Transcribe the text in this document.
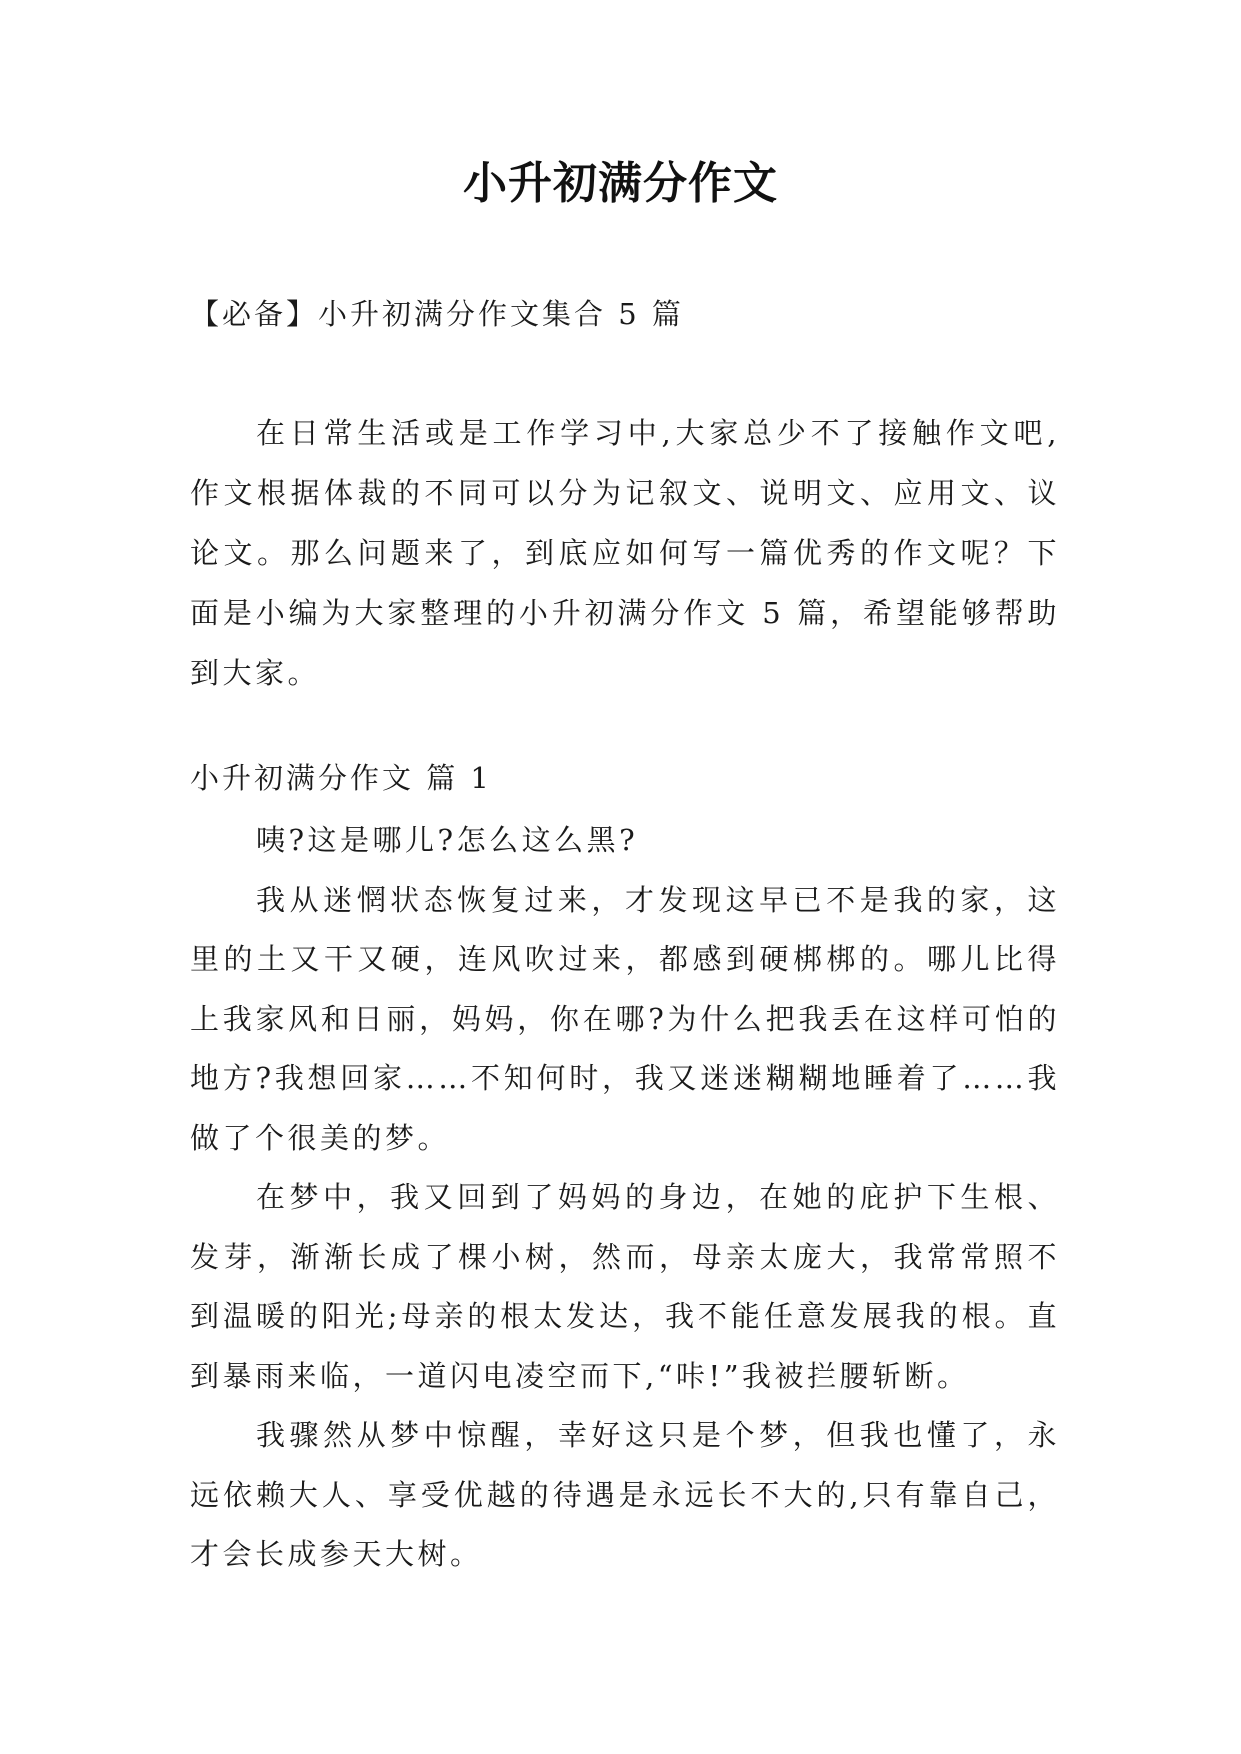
小升初满分作文
【必备】小升初满分作文集合 5 篇

在日常生活或是工作学习中,大家总少不了接触作文吧,作文根据体裁的不同可以分为记叙文、说明文、应用文、议论文。那么问题来了，到底应如何写一篇优秀的作文呢？下面是小编为大家整理的小升初满分作文 5 篇，希望能够帮助到大家。

小升初满分作文 篇 1

咦?这是哪儿?怎么这么黑?

我从迷惘状态恢复过来，才发现这早已不是我的家，这里的土又干又硬，连风吹过来，都感到硬梆梆的。哪儿比得上我家风和日丽，妈妈，你在哪?为什么把我丢在这样可怕的地方?我想回家……不知何时，我又迷迷糊糊地睡着了……我做了个很美的梦。

在梦中，我又回到了妈妈的身边，在她的庇护下生根、发芽，渐渐长成了棵小树，然而，母亲太庞大，我常常照不到温暖的阳光;母亲的根太发达，我不能任意发展我的根。直到暴雨来临，一道闪电凌空而下,“咔!”我被拦腰斩断。

我骤然从梦中惊醒，幸好这只是个梦，但我也懂了，永远依赖大人、享受优越的待遇是永远长不大的,只有靠自己，才会长成参天大树。
